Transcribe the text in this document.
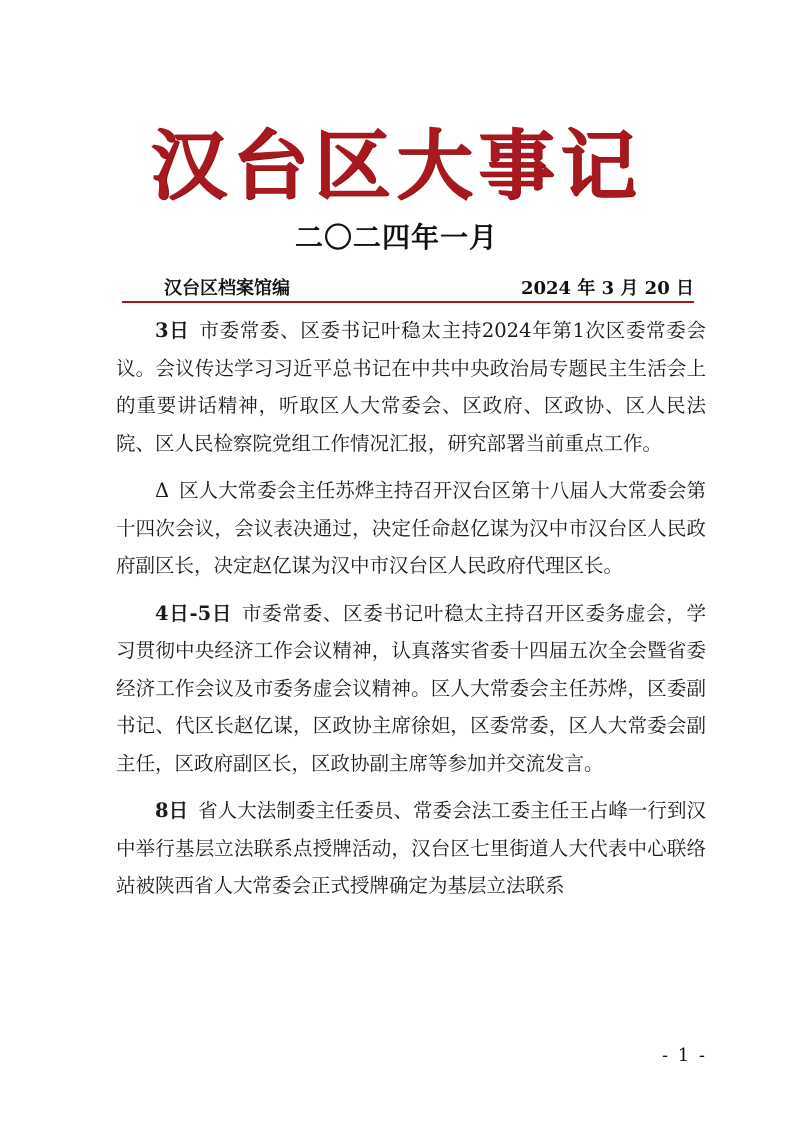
汉台区大事记
二〇二四年一月
汉台区档案馆编	2024 年 3 月 20 日

3日 市委常委、区委书记叶稳太主持2024年第1次区委常委会议。会议传达学习习近平总书记在中共中央政治局专题民主生活会上的重要讲话精神，听取区人大常委会、区政府、区政协、区人民法院、区人民检察院党组工作情况汇报，研究部署当前重点工作。

Δ 区人大常委会主任苏烨主持召开汉台区第十八届人大常委会第十四次会议，会议表决通过，决定任命赵亿谋为汉中市汉台区人民政府副区长，决定赵亿谋为汉中市汉台区人民政府代理区长。

4日-5日 市委常委、区委书记叶稳太主持召开区委务虚会，学习贯彻中央经济工作会议精神，认真落实省委十四届五次全会暨省委经济工作会议及市委务虚会议精神。区人大常委会主任苏烨，区委副书记、代区长赵亿谋，区政协主席徐妲，区委常委，区人大常委会副主任，区政府副区长，区政协副主席等参加并交流发言。

8日 省人大法制委主任委员、常委会法工委主任王占峰一行到汉中举行基层立法联系点授牌活动，汉台区七里街道人大代表中心联络站被陕西省人大常委会正式授牌确定为基层立法联系

- 1 -
